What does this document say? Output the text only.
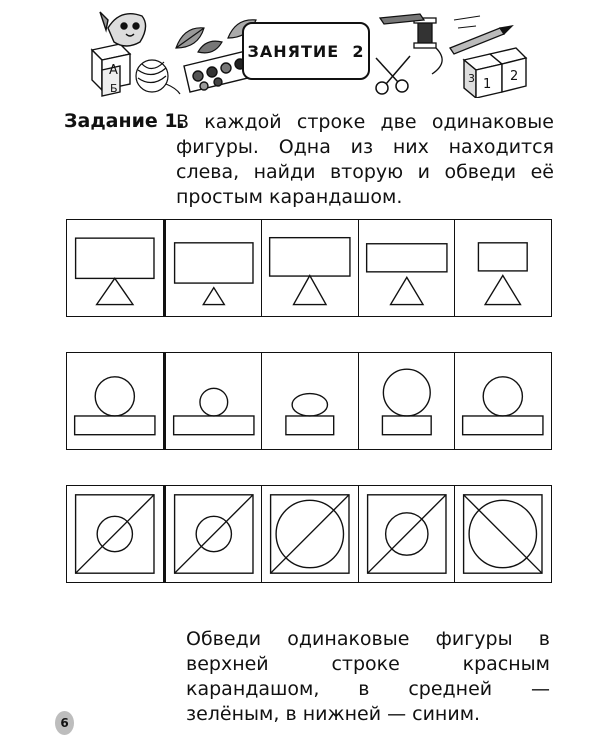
А
Б	1
2
3
ЗАНЯТИЕ  2
Задание 1.
В каждой строке две одинаковые фигуры. Одна из них находится слева, найди вторую и обведи её простым карандашом.
Обведи одинаковые фигуры в верхней строке красным карандашом, в средней — зелёным, в нижней — синим.
6
